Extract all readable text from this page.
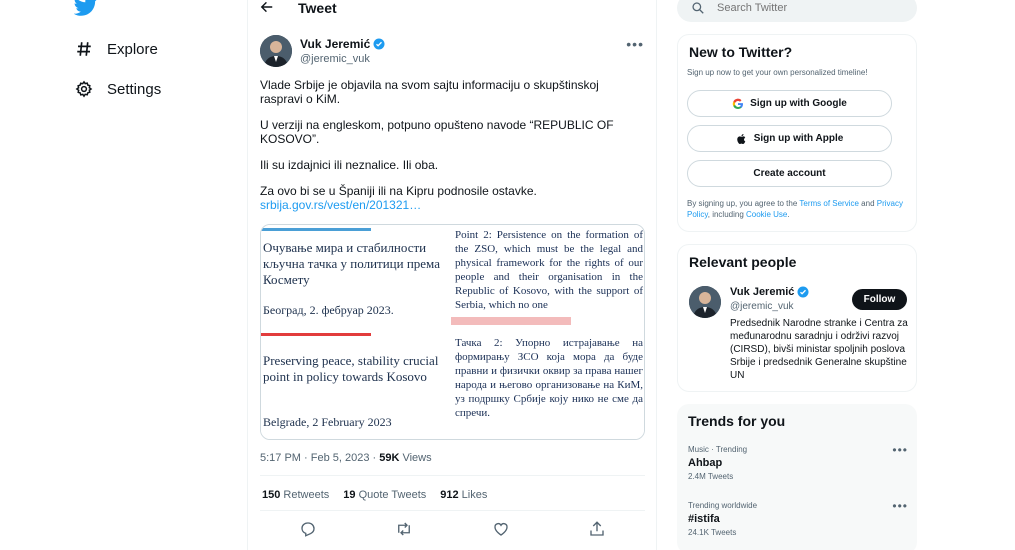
Explore
Settings
Tweet
Vuk Jeremić
@jeremic_vuk
•••

Vlade Srbije je objavila na svom sajtu informaciju o skupštinskoj raspravi o KiM.

U verziji na engleskom, potpuno opušteno navode “REPUBLIC OF KOSOVO”.

Ili su izdajnici ili neznalice. Ili oba.

Za ovo bi se u Španiji ili na Kipru podnosile ostavke.

srbija.gov.rs/vest/en/201321…
Очување мира и стабилности кључна тачка у политици према Космету
Београд, 2. фебруар 2023.
Preserving peace, stability crucial point in policy towards Kosovo
Belgrade, 2 February 2023
Point 2: Persistence on the formation of the ZSO, which must be the legal and physical framework for the rights of our people and their organisation in the Republic of Kosovo, with the support of Serbia, which no one
Тачка 2: Упорно истрајавање на формирању ЗСО која мора да буде правни и физички оквир за права нашег народа и његово организовање на КиМ, уз подршку Србије коју нико не сме да спречи.
5:17 PM · Feb 5, 2023 · 59K Views
150 Retweets 19 Quote Tweets 912 Likes
Search Twitter
New to Twitter?
Sign up now to get your own personalized timeline!
Sign up with Google
Sign up with Apple
Create account
By signing up, you agree to the Terms of Service and Privacy Policy, including Cookie Use.
Relevant people
Vuk Jeremić
@jeremic_vuk
Follow
Predsednik Narodne stranke i Centra za međunarodnu saradnju i održivi razvoj (CIRSD), bivši ministar spoljnih poslova Srbije i predsednik Generalne skupštine UN
Trends for you
Music · Trending
Ahbap
2.4M Tweets
•••
Trending worldwide
#istifa
24.1K Tweets
•••
